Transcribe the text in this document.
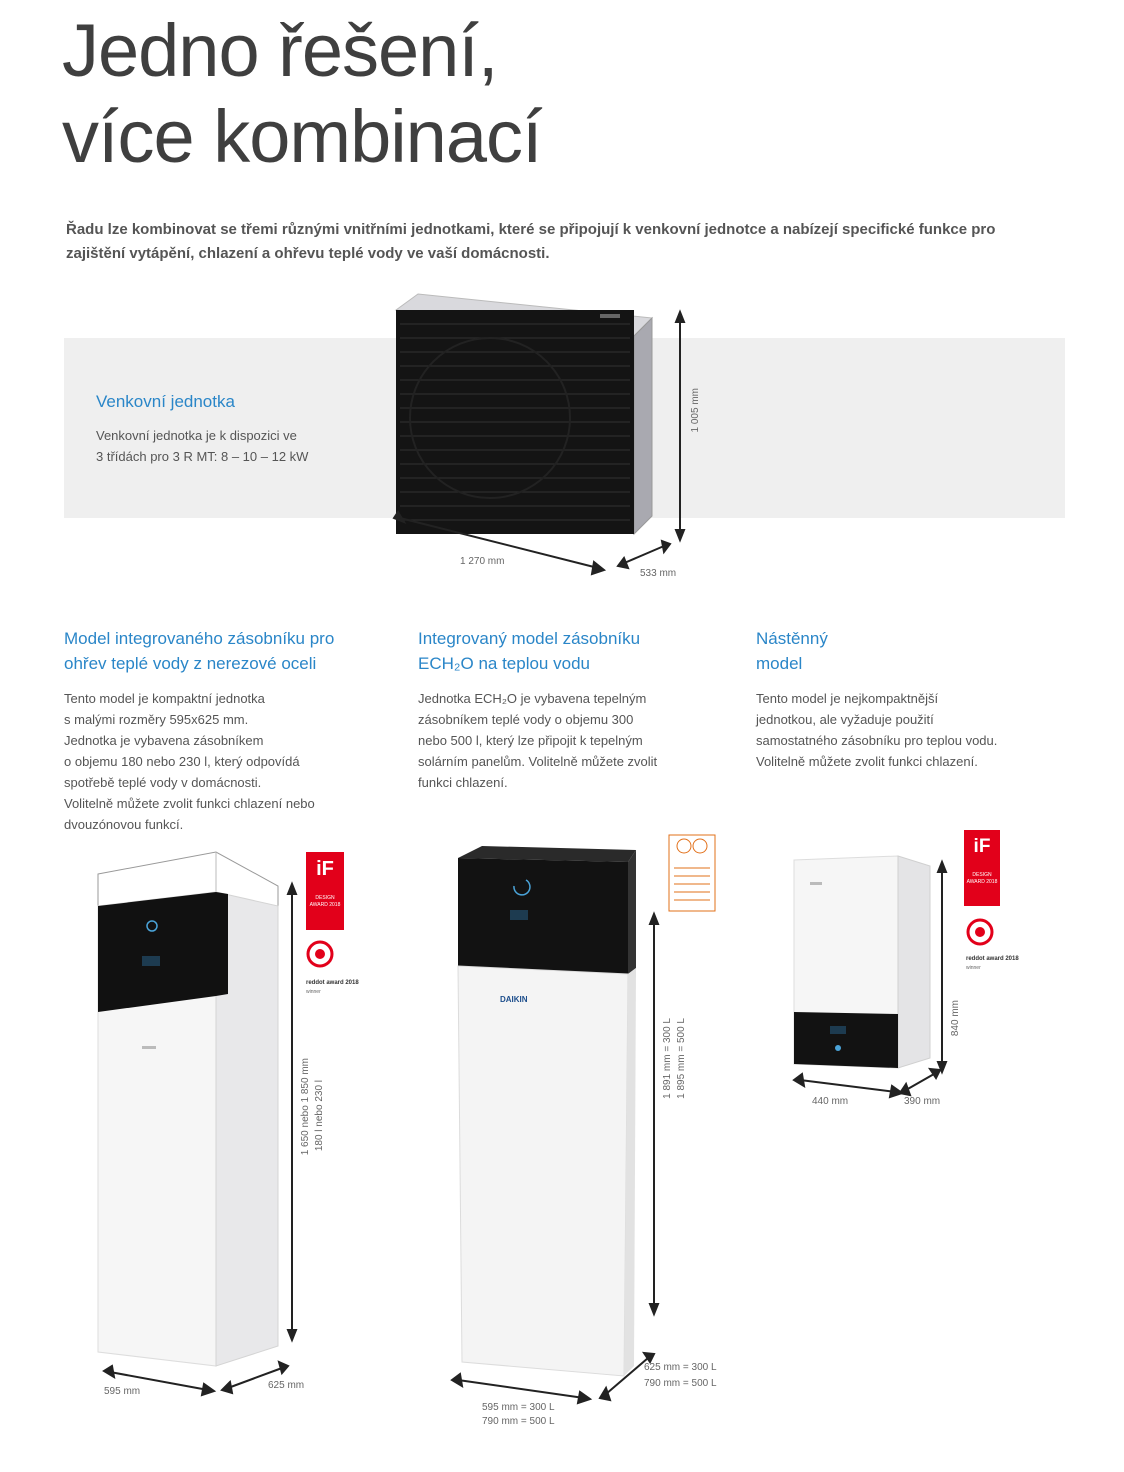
Jedno řešení,
více kombinací
Řadu lze kombinovat se třemi různými vnitřními jednotkami, které se připojují k venkovní jednotce a nabízejí specifické funkce pro zajištění vytápění, chlazení a ohřevu teplé vody ve vaší domácnosti.
Venkovní jednotka
Venkovní jednotka je k dispozici ve
3 třídách pro 3 R MT: 8 – 10 – 12 kW
1 005 mm
1 270 mm
533 mm
Model integrovaného zásobníku pro
ohřev teplé vody z nerezové oceli
Tento model je kompaktní jednotka
s malými rozměry 595x625 mm.
Jednotka je vybavena zásobníkem
o objemu 180 nebo 230 l, který odpovídá
spotřebě teplé vody v domácnosti.
Volitelně můžete zvolit funkci chlazení nebo
dvouzónovou funkcí.
Integrovaný model zásobníku
ECH₂O na teplou vodu
Jednotka ECH₂O je vybavena tepelným
zásobníkem teplé vody o objemu 300
nebo 500 l, který lze připojit k tepelným
solárním panelům. Volitelně můžete zvolit
funkci chlazení.
Nástěnný
model
Tento model je nejkompaktnější
jednotkou, ale vyžaduje použití
samostatného zásobníku pro teplou vodu.
Volitelně můžete zvolit funkci chlazení.
1 650 nebo 1 850 mm 180 l nebo 230 l
595 mm
625 mm
iF
DESIGN AWARD 2018
reddot award 2018
winner
DAIKIN
1 891 mm = 300 L 1 895 mm = 500 L
595 mm = 300 L
790 mm = 500 L
625 mm = 300 L
790 mm = 500 L
iF
DESIGN AWARD 2018
reddot award 2018
winner
840 mm
440 mm	390 mm
